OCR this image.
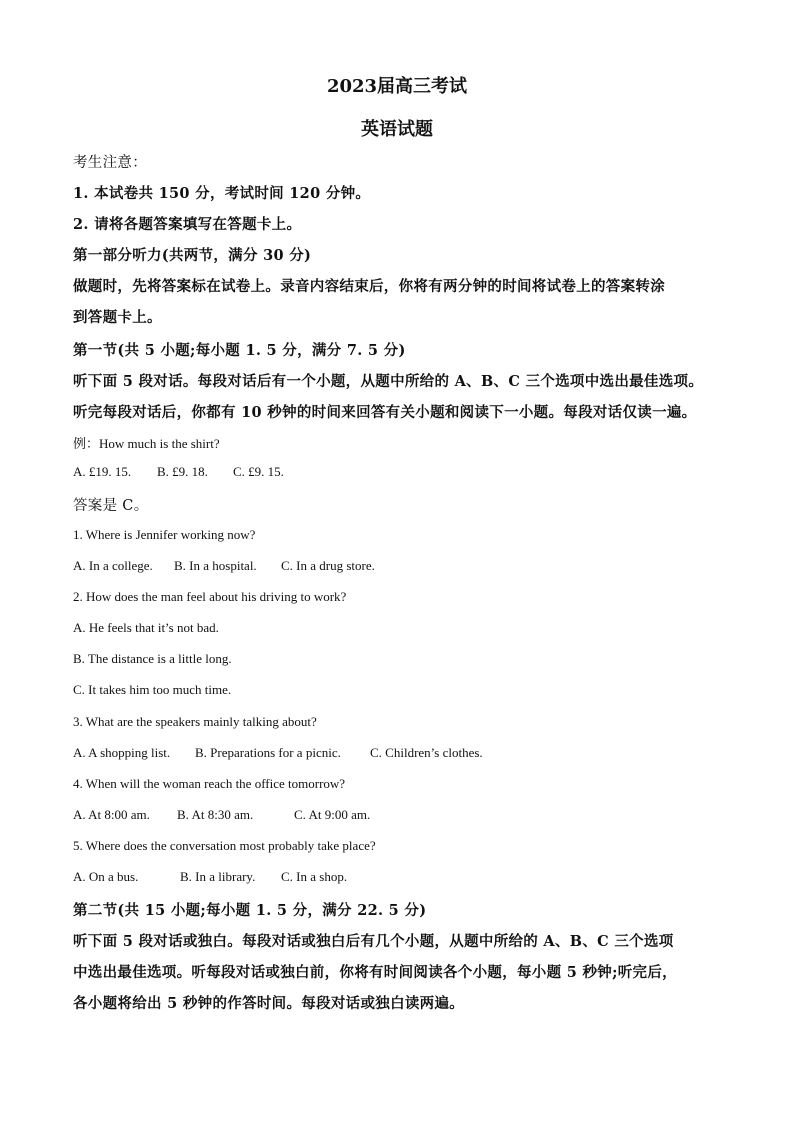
2023届高三考试
英语试题
考生注意：
1. 本试卷共 150 分，考试时间 120 分钟。
2. 请将各题答案填写在答题卡上。
第一部分听力(共两节，满分 30 分)
做题时，先将答案标在试卷上。录音内容结束后，你将有两分钟的时间将试卷上的答案转涂
到答题卡上。
第一节(共 5 小题;每小题 1. 5 分，满分 7. 5 分)
听下面 5 段对话。每段对话后有一个小题，从题中所给的 A、B、C 三个选项中选出最佳选项。
听完每段对话后，你都有 10 秒钟的时间来回答有关小题和阅读下一小题。每段对话仅读一遍。
例：How much is the shirt?
A. £19. 15. B. £9. 18. C. £9. 15.
答案是 C。
1. Where is Jennifer working now?
A. In a college. B. In a hospital. C. In a drug store.
2. How does the man feel about his driving to work?
A. He feels that it’s not bad.
B. The distance is a little long.
C. It takes him too much time.
3. What are the speakers mainly talking about?
A. A shopping list. B. Preparations for a picnic. C. Children’s clothes.
4. When will the woman reach the office tomorrow?
A. At 8:00 am. B. At 8:30 am.	C. At 9:00 am.
5. Where does the conversation most probably take place?
A. On a bus.	B. In a library. C. In a shop.
第二节(共 15 小题;每小题 1. 5 分，满分 22. 5 分)
听下面 5 段对话或独白。每段对话或独白后有几个小题，从题中所给的 A、B、C 三个选项
中选出最佳选项。听每段对话或独白前，你将有时间阅读各个小题，每小题 5 秒钟;听完后，
各小题将给出 5 秒钟的作答时间。每段对话或独白读两遍。
